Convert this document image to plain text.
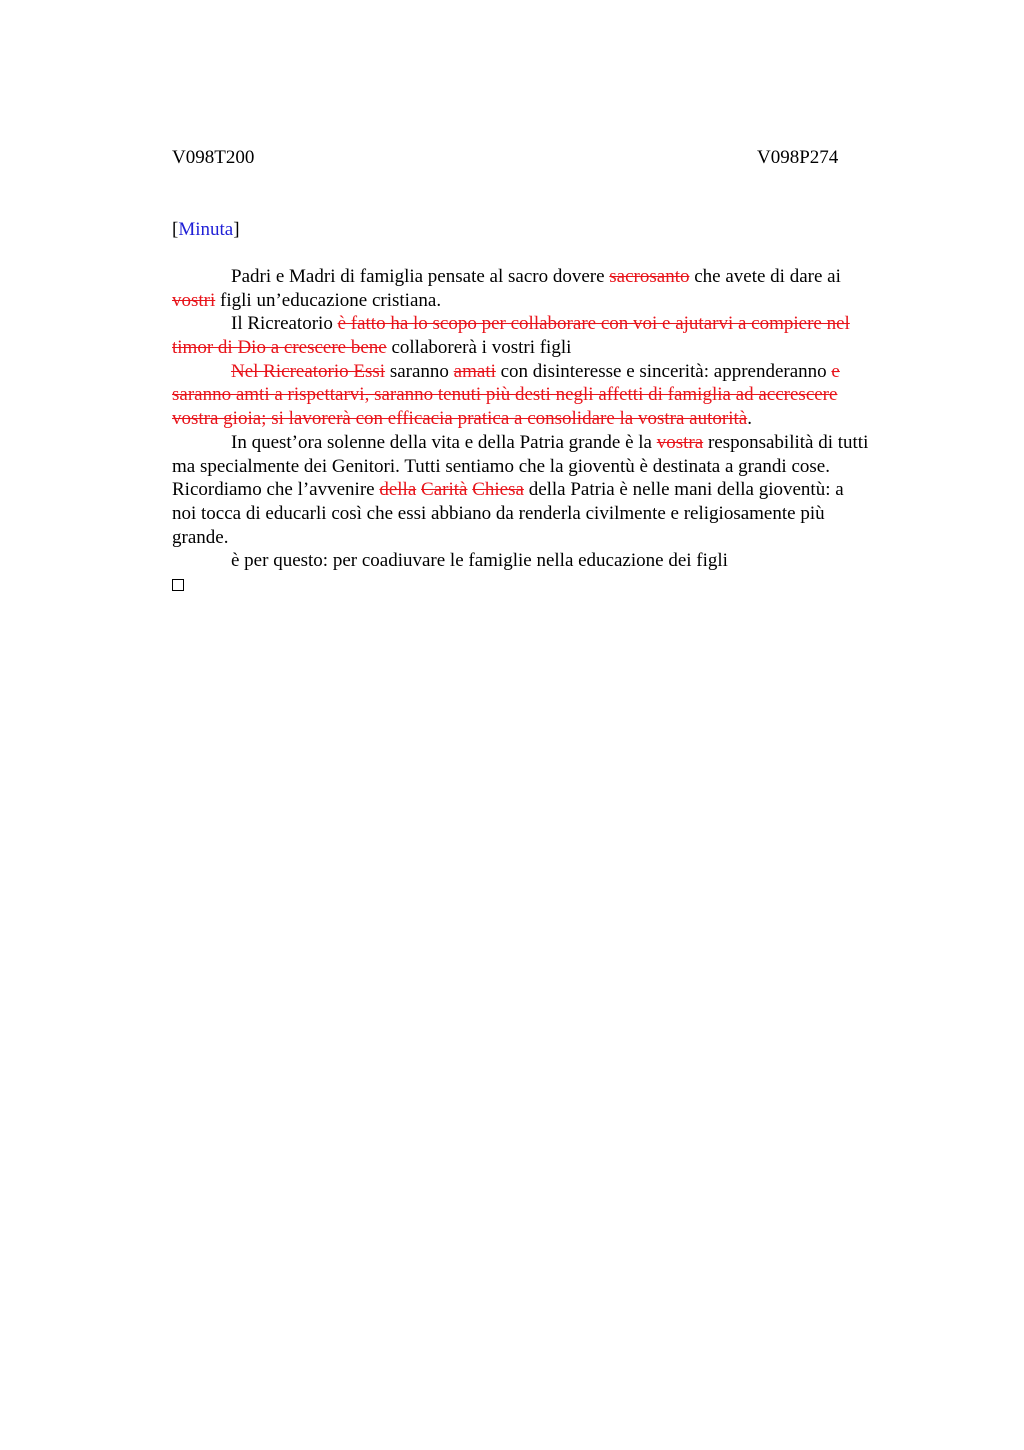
V098T200	V098P274
[Minuta]
Padri e Madri di famiglia pensate al sacro dovere sacrosanto che avete di dare ai
vostri figli un’educazione cristiana.
Il Ricreatorio è fatto ha lo scopo per collaborare con voi e ajutarvi a compiere nel
timor di Dio a crescere bene collaborerà i vostri figli
Nel Ricreatorio Essi saranno amati con disinteresse e sincerità: apprenderanno e
saranno amti a rispettarvi, saranno tenuti più desti negli affetti di famiglia ad accrescere
vostra gioia; si lavorerà con efficacia pratica a consolidare la vostra autorità.
In quest’ora solenne della vita e della Patria grande è la vostra responsabilità di tutti
ma specialmente dei Genitori. Tutti sentiamo che la gioventù è destinata a grandi cose.
Ricordiamo che l’avvenire della Carità Chiesa della Patria è nelle mani della gioventù: a
noi tocca di educarli così che essi abbiano da renderla civilmente e religiosamente più
grande.
è per questo: per coadiuvare le famiglie nella educazione dei figli
